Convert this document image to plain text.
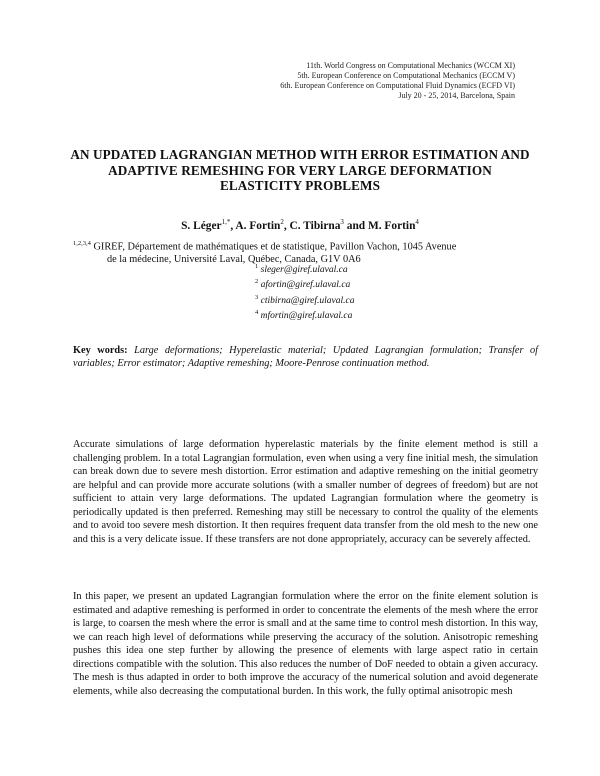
11th. World Congress on Computational Mechanics (WCCM XI)
5th. European Conference on Computational Mechanics (ECCM V)
6th. European Conference on Computational Fluid Dynamics (ECFD VI)
July 20 - 25, 2014, Barcelona, Spain
AN UPDATED LAGRANGIAN METHOD WITH ERROR ESTIMATION AND ADAPTIVE REMESHING FOR VERY LARGE DEFORMATION ELASTICITY PROBLEMS
S. Léger$^{1,*}$, A. Fortin$^2$, C. Tibirna$^3$ and M. Fortin$^4$
$^{1,2,3,4}$ GIREF, Département de mathématiques et de statistique, Pavillon Vachon, 1045 Avenue
de la médecine, Université Laval, Québec, Canada, G1V 0A6
$^1$ sleger@giref.ulaval.ca
$^2$ afortin@giref.ulaval.ca
$^3$ ctibirna@giref.ulaval.ca
$^4$ mfortin@giref.ulaval.ca
Key words: Large deformations; Hyperelastic material; Updated Lagrangian formulation; Transfer of variables; Error estimator; Adaptive remeshing; Moore-Penrose continuation method.
Accurate simulations of large deformation hyperelastic materials by the finite element method is still a challenging problem. In a total Lagrangian formulation, even when using a very fine initial mesh, the simulation can break down due to severe mesh distortion. Error estimation and adaptive remeshing on the initial geometry are helpful and can provide more accurate solutions (with a smaller number of degrees of freedom) but are not sufficient to attain very large deformations. The updated Lagrangian formulation where the geometry is periodically updated is then preferred. Remeshing may still be necessary to control the quality of the elements and to avoid too severe mesh distortion. It then requires frequent data transfer from the old mesh to the new one and this is a very delicate issue. If these transfers are not done appropriately, accuracy can be severely affected.
In this paper, we present an updated Lagrangian formulation where the error on the finite element solution is estimated and adaptive remeshing is performed in order to concentrate the elements of the mesh where the error is large, to coarsen the mesh where the error is small and at the same time to control mesh distortion. In this way, we can reach high level of deformations while preserving the accuracy of the solution. Anisotropic remeshing pushes this idea one step further by allowing the presence of elements with large aspect ratio in certain directions compatible with the solution. This also reduces the number of DoF needed to obtain a given accuracy. The mesh is thus adapted in order to both improve the accuracy of the numerical solution and avoid degenerate elements, while also decreasing the computational burden. In this work, the fully optimal anisotropic mesh
